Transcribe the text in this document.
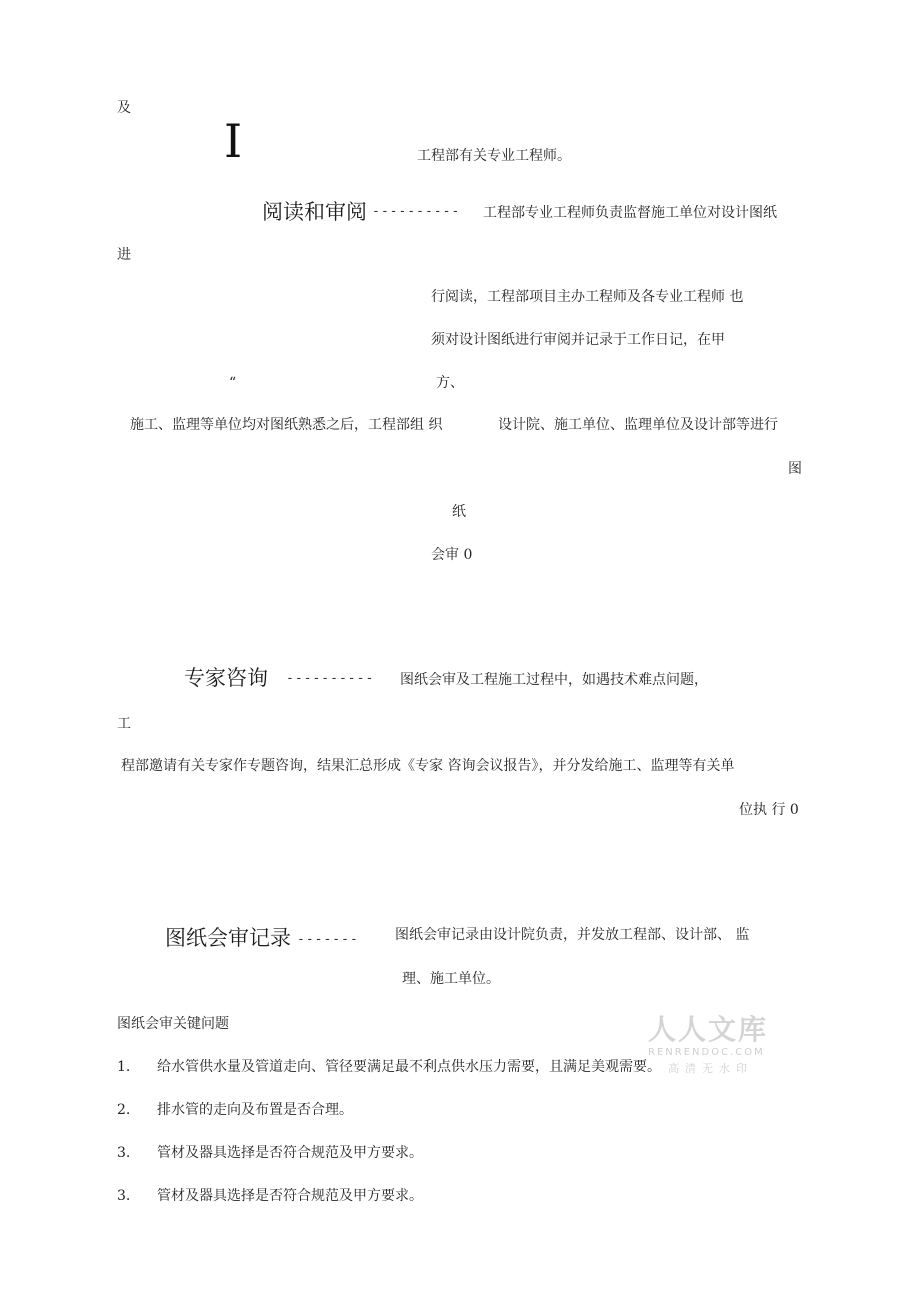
及
I	工程部有关专业工程师。
阅读和审阅 ---------- 工程部专业工程师负责监督施工单位对设计图纸
进
行阅读，工程部项目主办工程师及各专业工程师 也
须对设计图纸进行审阅并记录于工作日记，在甲
“	方、
施工、监理等单位均对图纸熟悉之后，工程部组 织	设计院、施工单位、监理单位及设计部等进行
图
纸
会审 0
专家咨询 ---------- 图纸会审及工程施工过程中，如遇技术难点问题，
工
程部邀请有关专家作专题咨询，结果汇总形成《专家 咨询会议报告》，并分发给施工、监理等有关单
位执 行 0
图纸会审记录 -------	图纸会审记录由设计院负责，并发放工程部、设计部、 监
理、施工单位。
图纸会审关键问题
1. 给水管供水量及管道走向、管径要满足最不利点供水压力需要，且满足美观需要。
2. 排水管的走向及布置是否合理。
3. 管材及器具选择是否符合规范及甲方要求。
3. 管材及器具选择是否符合规范及甲方要求。
人人文库
RENRENDOC.COM
高清无水印
